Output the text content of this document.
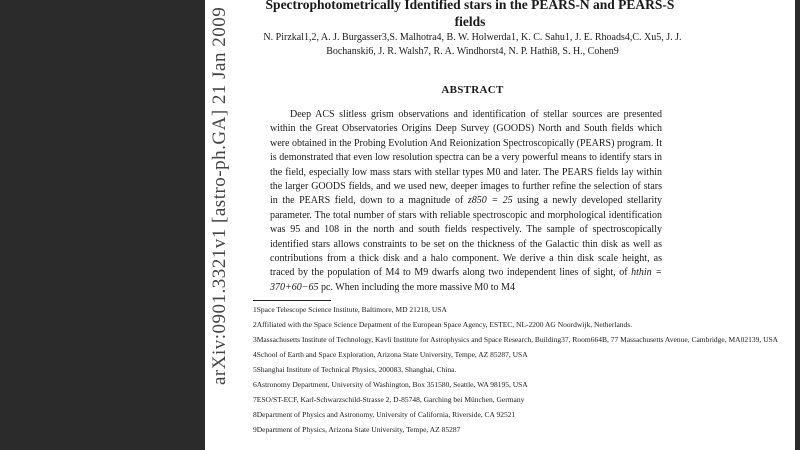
arXiv:0901.3321v1 [astro-ph.GA] 21 Jan 2009
Spectrophotometrically Identified stars in the PEARS-N and PEARS-S fields
N. Pirzkal1,2, A. J. Burgasser3,S. Malhotra4, B. W. Holwerda1, K. C. Sahu1, J. E. Rhoads4,C. Xu5, J. J. Bochanski6, J. R. Walsh7, R. A. Windhorst4, N. P. Hathi8, S. H., Cohen9
ABSTRACT
Deep ACS slitless grism observations and identification of stellar sources are presented within the Great Observatories Origins Deep Survey (GOODS) North and South fields which were obtained in the Probing Evolution And Reionization Spectroscopically (PEARS) program. It is demonstrated that even low resolution spectra can be a very powerful means to identify stars in the field, especially low mass stars with stellar types M0 and later. The PEARS fields lay within the larger GOODS fields, and we used new, deeper images to further refine the selection of stars in the PEARS field, down to a magnitude of z850 = 25 using a newly developed stellarity parameter. The total number of stars with reliable spectroscopic and morphological identification was 95 and 108 in the north and south fields respectively. The sample of spectroscopically identified stars allows constraints to be set on the thickness of the Galactic thin disk as well as contributions from a thick disk and a halo component. We derive a thin disk scale height, as traced by the population of M4 to M9 dwarfs along two independent lines of sight, of hthin = 370+60−65 pc. When including the more massive M0 to M4
1Space Telescope Science Institute, Baltimore, MD 21218, USA
2Affiliated with the Space Science Depatment of the European Space Agency, ESTEC, NL-2200 AG Noordwijk, Netherlands.
3Massachusetts Institute of Technology, Kavli Institute for Astrophysics and Space Research, Building37, Room664B, 77 Massachusetts Avenue, Cambridge, MA02139, USA
4School of Earth and Space Exploration, Arizona State University, Tempe, AZ 85287, USA
5Shanghai Institute of Technical Physics, 200083, Shanghai, China.
6Astronomy Department, University of Washington, Box 351580, Seattle, WA 98195, USA
7ESO/ST-ECF, Karl-Schwarzschild-Strasse 2, D-85748, Garching bei München, Germany
8Department of Physics and Astronomy, University of California, Riverside, CA 92521
9Department of Physics, Arizona State University, Tempe, AZ 85287
